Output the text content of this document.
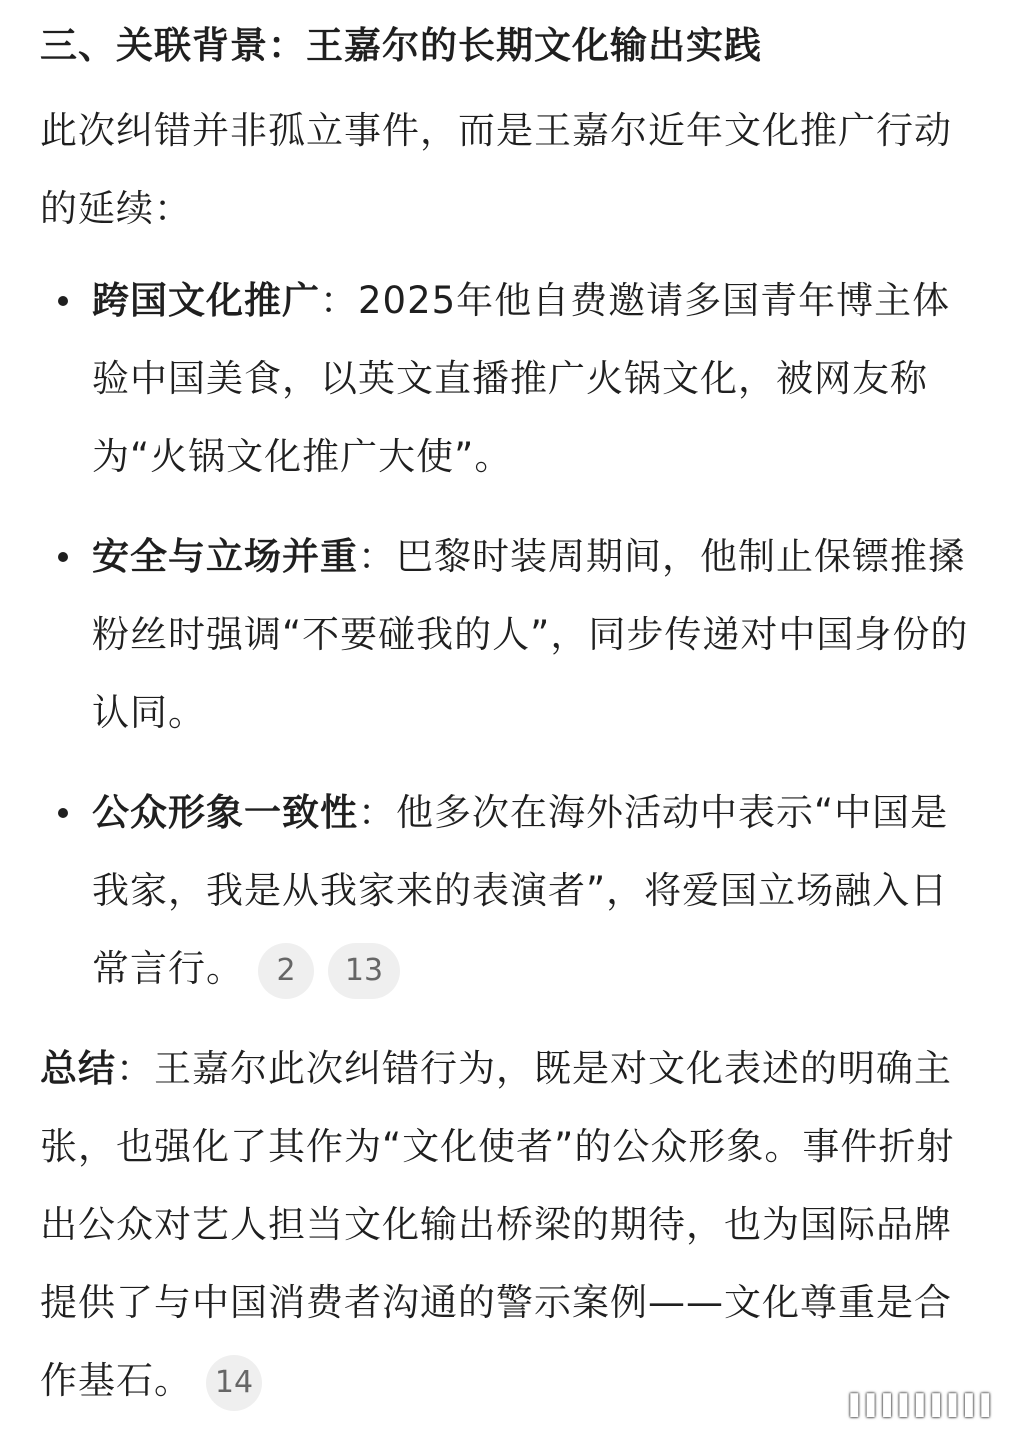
三、关联背景：王嘉尔的长期文化输出实践

此次纠错并非孤立事件，而是王嘉尔近年文化推广行动的延续：

跨国文化推广：2025年他自费邀请多国青年博主体验中国美食，以英文直播推广火锅文化，被网友称为“火锅文化推广大使”。
安全与立场并重：巴黎时装周期间，他制止保镖推搡粉丝时强调“不要碰我的人”，同步传递对中国身份的认同。
公众形象一致性：他多次在海外活动中表示“中国是我家，我是从我家来的表演者”，将爱国立场融入日常言行。 2 13

总结：王嘉尔此次纠错行为，既是对文化表述的明确主张，也强化了其作为“文化使者”的公众形象。事件折射出公众对艺人担当文化输出桥梁的期待，也为国际品牌提供了与中国消费者沟通的警示案例——文化尊重是合作基石。 14

▌▌▌▌▌▌▌▌▌
